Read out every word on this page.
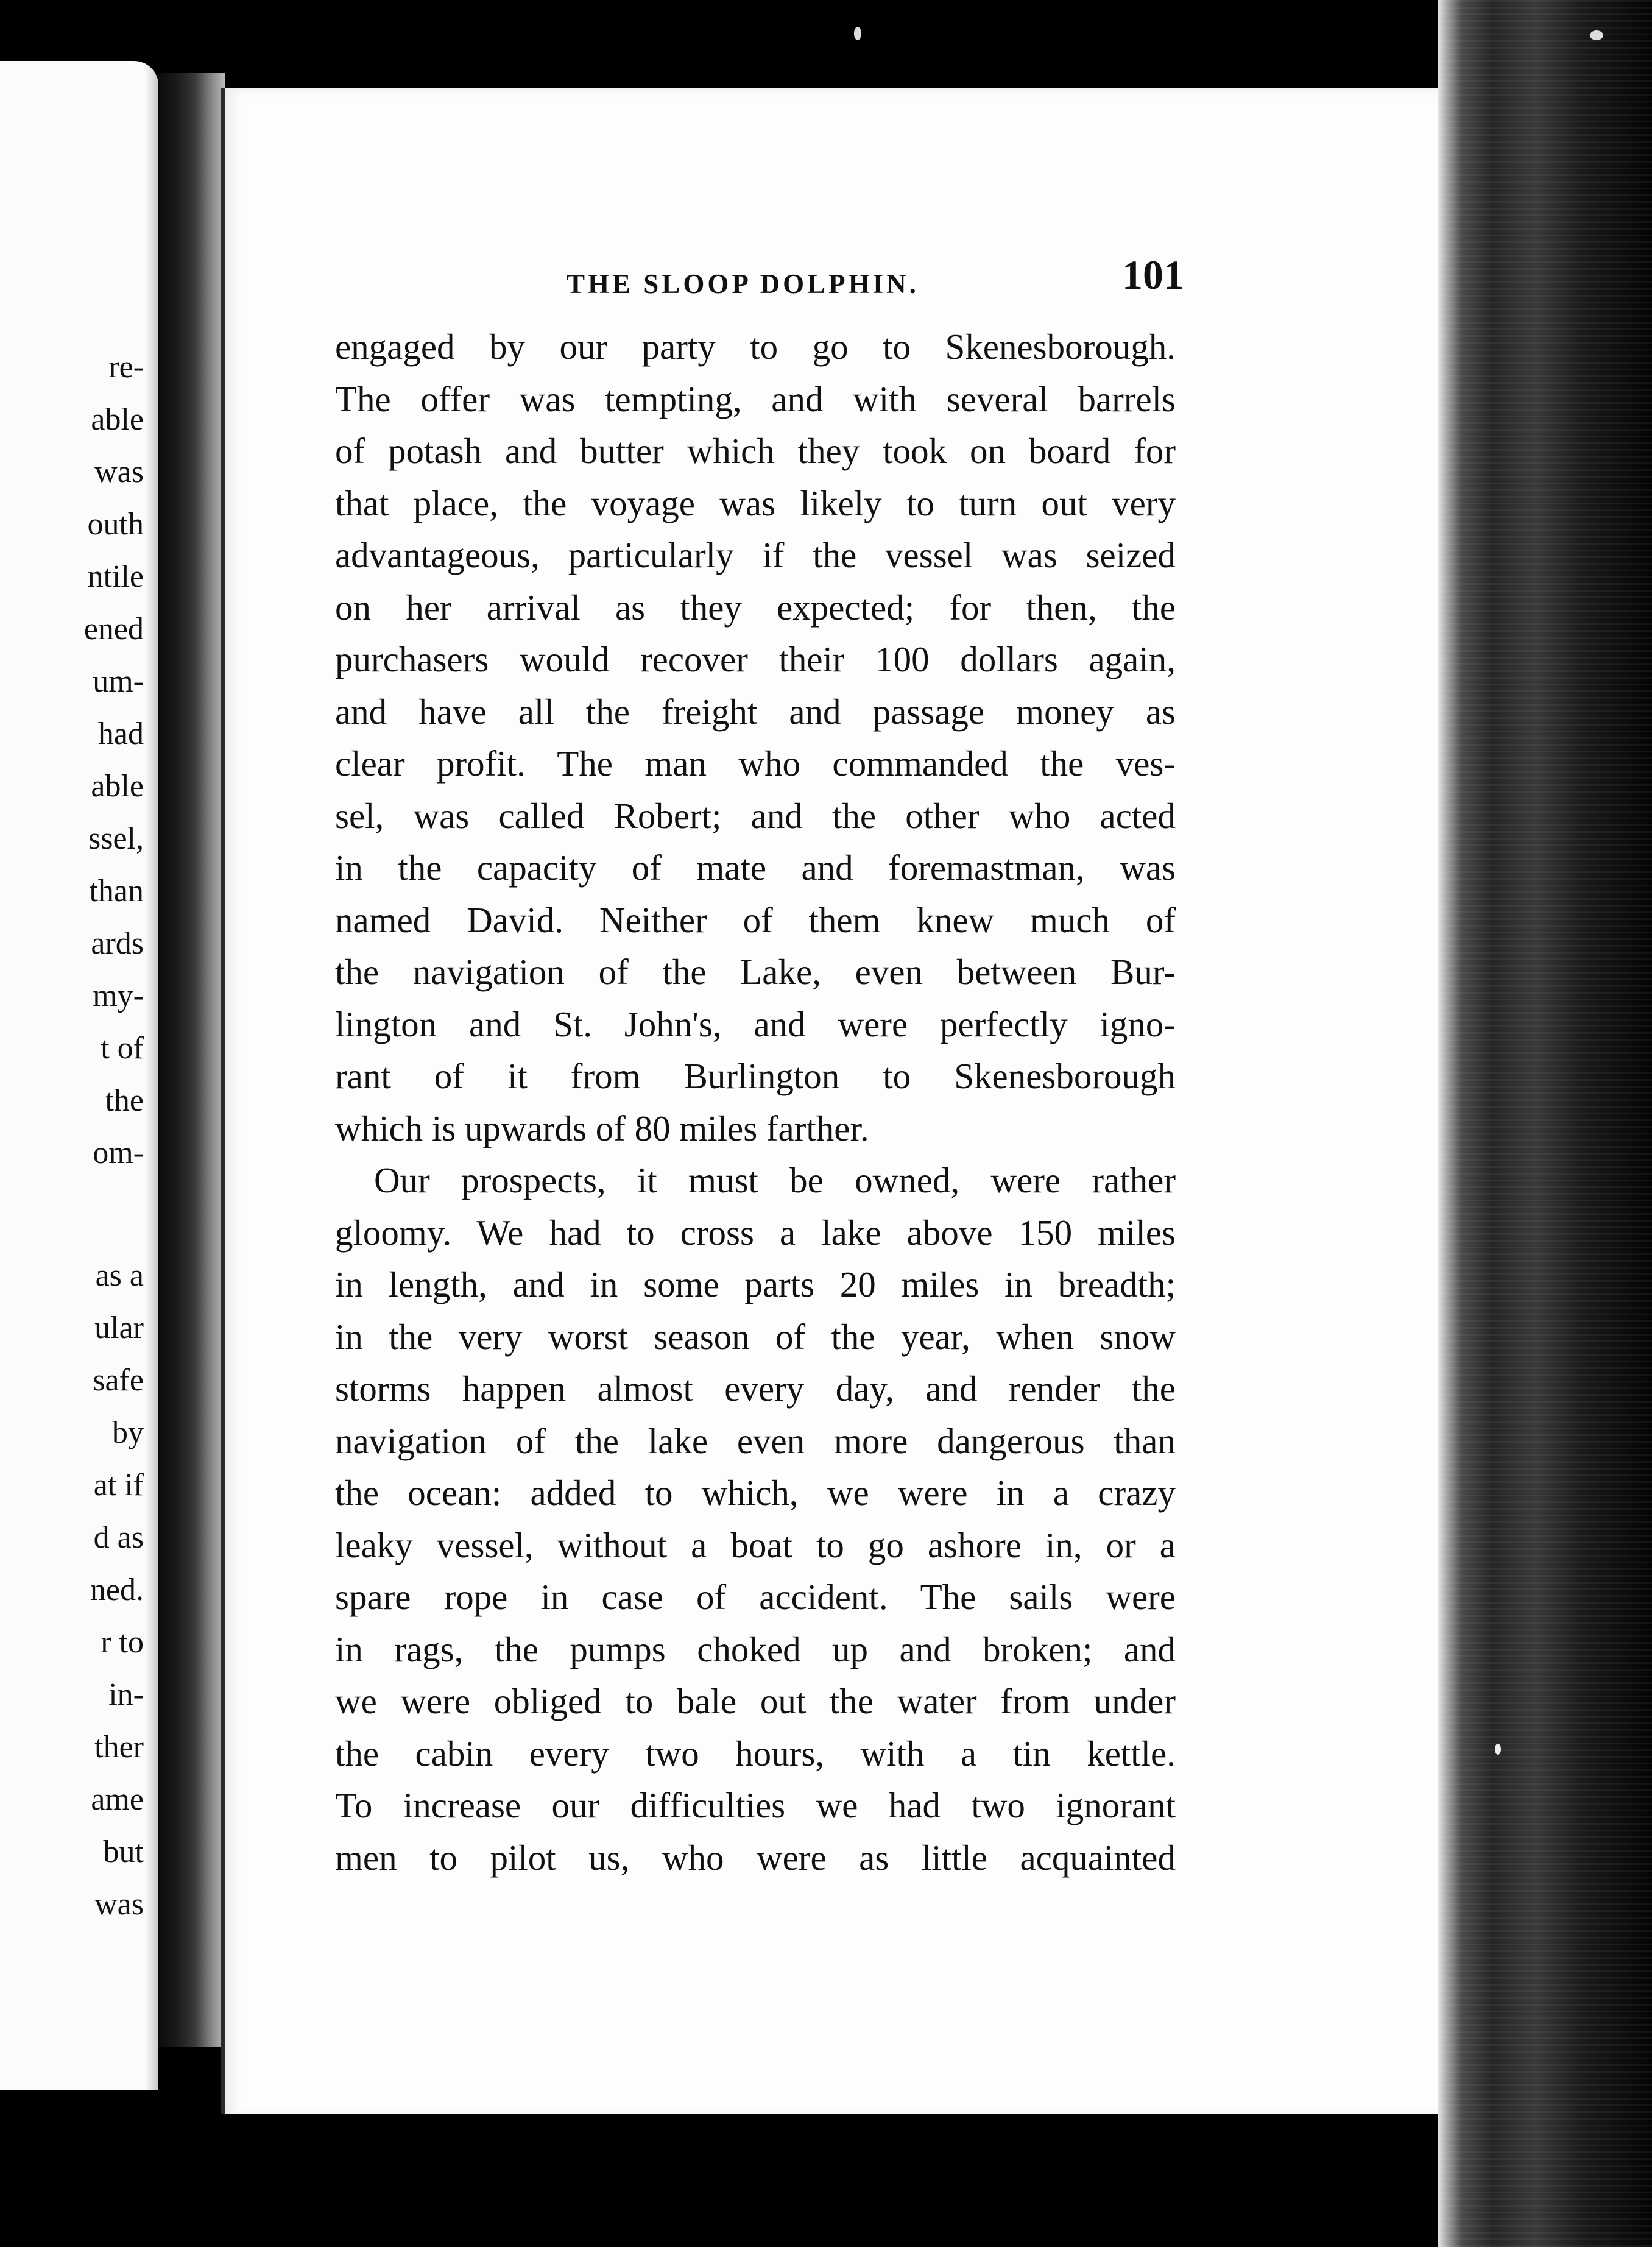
re-
able
was
outh
ntile
ened
um-
had
able
ssel,
than
ards
my-
t of
the
om-
as a
ular
safe
by
at if
d as
ned.
r to
in-
ther
ame
but
was
THE SLOOP DOLPHIN.	101
engaged by our party to go to Skenesborough.
The offer was tempting, and with several barrels
of potash and butter which they took on board for
that place, the voyage was likely to turn out very
advantageous, particularly if the vessel was seized
on her arrival as they expected; for then, the
purchasers would recover their 100 dollars again,
and have all the freight and passage money as
clear profit. The man who commanded the ves-
sel, was called Robert; and the other who acted
in the capacity of mate and foremastman, was
named David. Neither of them knew much of
the navigation of the Lake, even between Bur-
lington and St. John's, and were perfectly igno-
rant of it from Burlington to Skenesborough
which is upwards of 80 miles farther.
Our prospects, it must be owned, were rather
gloomy. We had to cross a lake above 150 miles
in length, and in some parts 20 miles in breadth;
in the very worst season of the year, when snow
storms happen almost every day, and render the
navigation of the lake even more dangerous than
the ocean: added to which, we were in a crazy
leaky vessel, without a boat to go ashore in, or a
spare rope in case of accident. The sails were
in rags, the pumps choked up and broken; and
we were obliged to bale out the water from under
the cabin every two hours, with a tin kettle.
To increase our difficulties we had two ignorant
men to pilot us, who were as little acquainted
